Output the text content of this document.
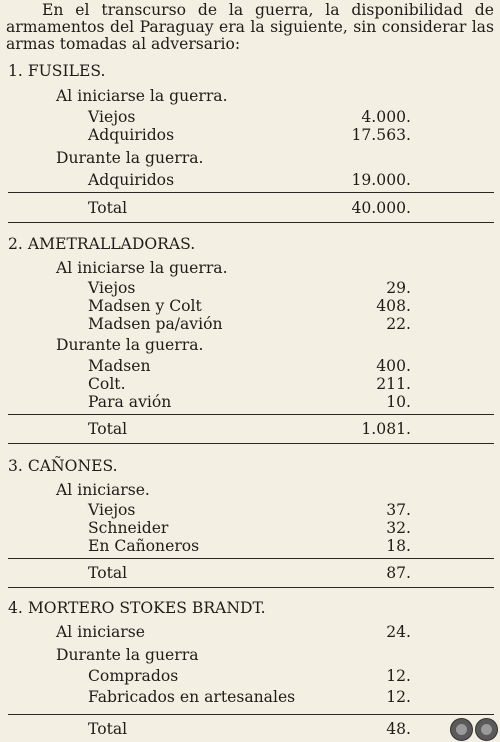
En el transcurso de la guerra, la disponibilidad de armamentos del Paraguay era la siguiente, sin considerar las armas tomadas al adversario:
1. FUSILES.
Al iniciarse la guerra.
Viejos	4.000.
Adquiridos	17.563.
Durante la guerra.
Adquiridos	19.000.
Total	40.000.
2. AMETRALLADORAS.
Al iniciarse la guerra.
Viejos	29.
Madsen y Colt	408.
Madsen pa/avión	22.
Durante la guerra.
Madsen	400.
Colt.	211.
Para avión	10.
Total	1.081.
3. CAÑONES.
Al iniciarse.
Viejos	37.
Schneider	32.
En Cañoneros	18.
Total	87.
4. MORTERO STOKES BRANDT.
Al iniciarse	24.
Durante la guerra
Comprados	12.
Fabricados en artesanales	12.
Total	48.
